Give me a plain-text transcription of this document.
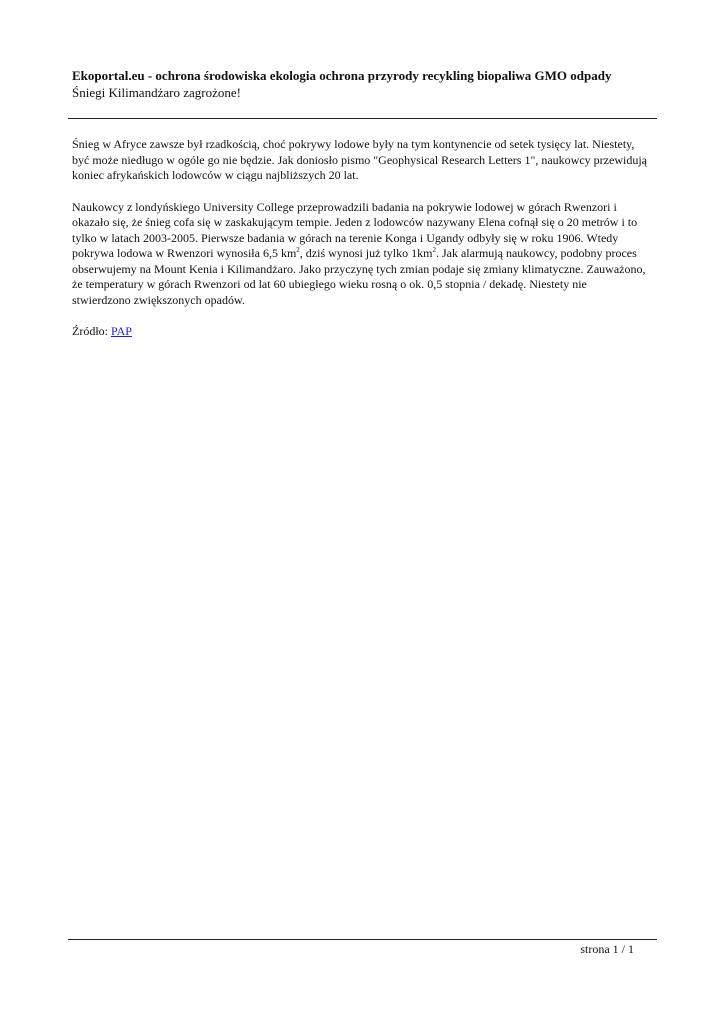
Ekoportal.eu - ochrona środowiska ekologia ochrona przyrody recykling biopaliwa GMO odpady
Śniegi Kilimandżaro zagrożone!

Śnieg w Afryce zawsze był rzadkością, choć pokrywy lodowe były na tym kontynencie od setek tysięcy lat. Niestety,
być może niedługo w ogóle go nie będzie. Jak doniosło pismo "Geophysical Research Letters 1", naukowcy przewidują
koniec afrykańskich lodowców w ciągu najbliższych 20 lat.

Naukowcy z londyńskiego University College przeprowadzili badania na pokrywie lodowej w górach Rwenzori i
okazało się, że śnieg cofa się w zaskakującym tempie. Jeden z lodowców nazywany Elena cofnął się o 20 metrów i to
tylko w latach 2003-2005. Pierwsze badania w górach na terenie Konga i Ugandy odbyły się w roku 1906. Wtedy
pokrywa lodowa w Rwenzori wynosiła 6,5 $km^2$, dziś wynosi już tylko $1km^2$. Jak alarmują naukowcy, podobny proces
obserwujemy na Mount Kenia i Kilimandżaro. Jako przyczynę tych zmian podaje się zmiany klimatyczne. Zauważono,
że temperatury w górach Rwenzori od lat 60 ubiegłego wieku rosną o ok. 0,5 stopnia / dekadę. Niestety nie
stwierdzono zwiększonych opadów.

Źródło: PAP

strona 1 / 1
